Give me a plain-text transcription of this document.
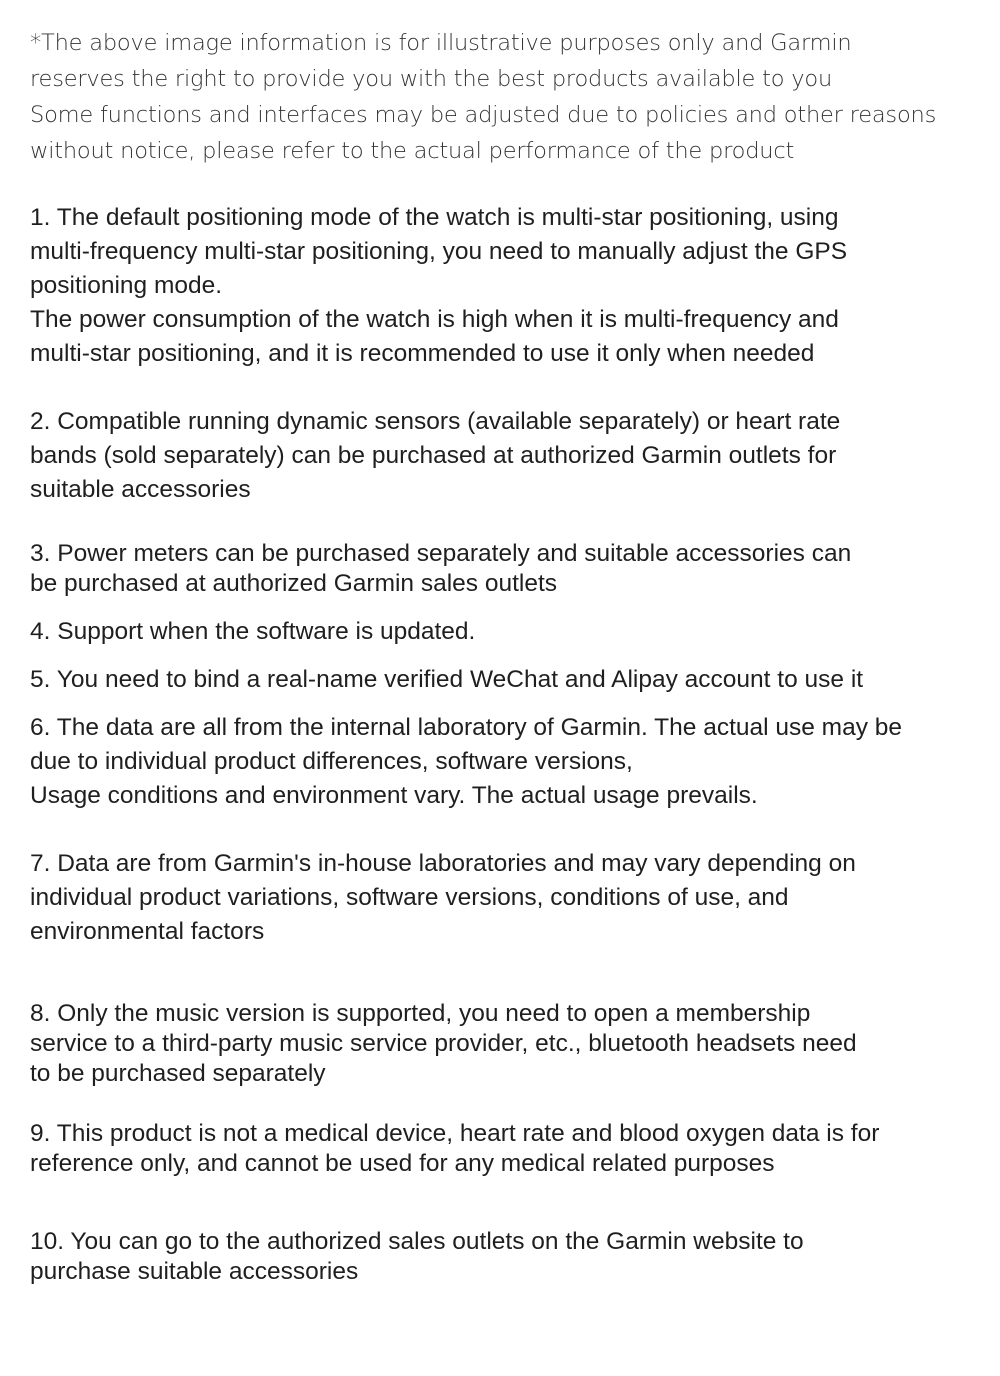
*The above image information is for illustrative purposes only and Garmin
reserves the right to provide you with the best products available to you
Some functions and interfaces may be adjusted due to policies and other reasons
without notice, please refer to the actual performance of the product
1. The default positioning mode of the watch is multi-star positioning, using
multi-frequency multi-star positioning, you need to manually adjust the GPS
positioning mode.
The power consumption of the watch is high when it is multi-frequency and
multi-star positioning, and it is recommended to use it only when needed
2. Compatible running dynamic sensors (available separately) or heart rate
bands (sold separately) can be purchased at authorized Garmin outlets for
suitable accessories
3. Power meters can be purchased separately and suitable accessories can
be purchased at authorized Garmin sales outlets
4. Support when the software is updated.
5. You need to bind a real-name verified WeChat and Alipay account to use it
6. The data are all from the internal laboratory of Garmin. The actual use may be
due to individual product differences, software versions,
Usage conditions and environment vary. The actual usage prevails.
7. Data are from Garmin's in-house laboratories and may vary depending on
individual product variations, software versions, conditions of use, and
environmental factors
8. Only the music version is supported, you need to open a membership
service to a third-party music service provider, etc., bluetooth headsets need
to be purchased separately
9. This product is not a medical device, heart rate and blood oxygen data is for
reference only, and cannot be used for any medical related purposes
10. You can go to the authorized sales outlets on the Garmin website to
purchase suitable accessories
